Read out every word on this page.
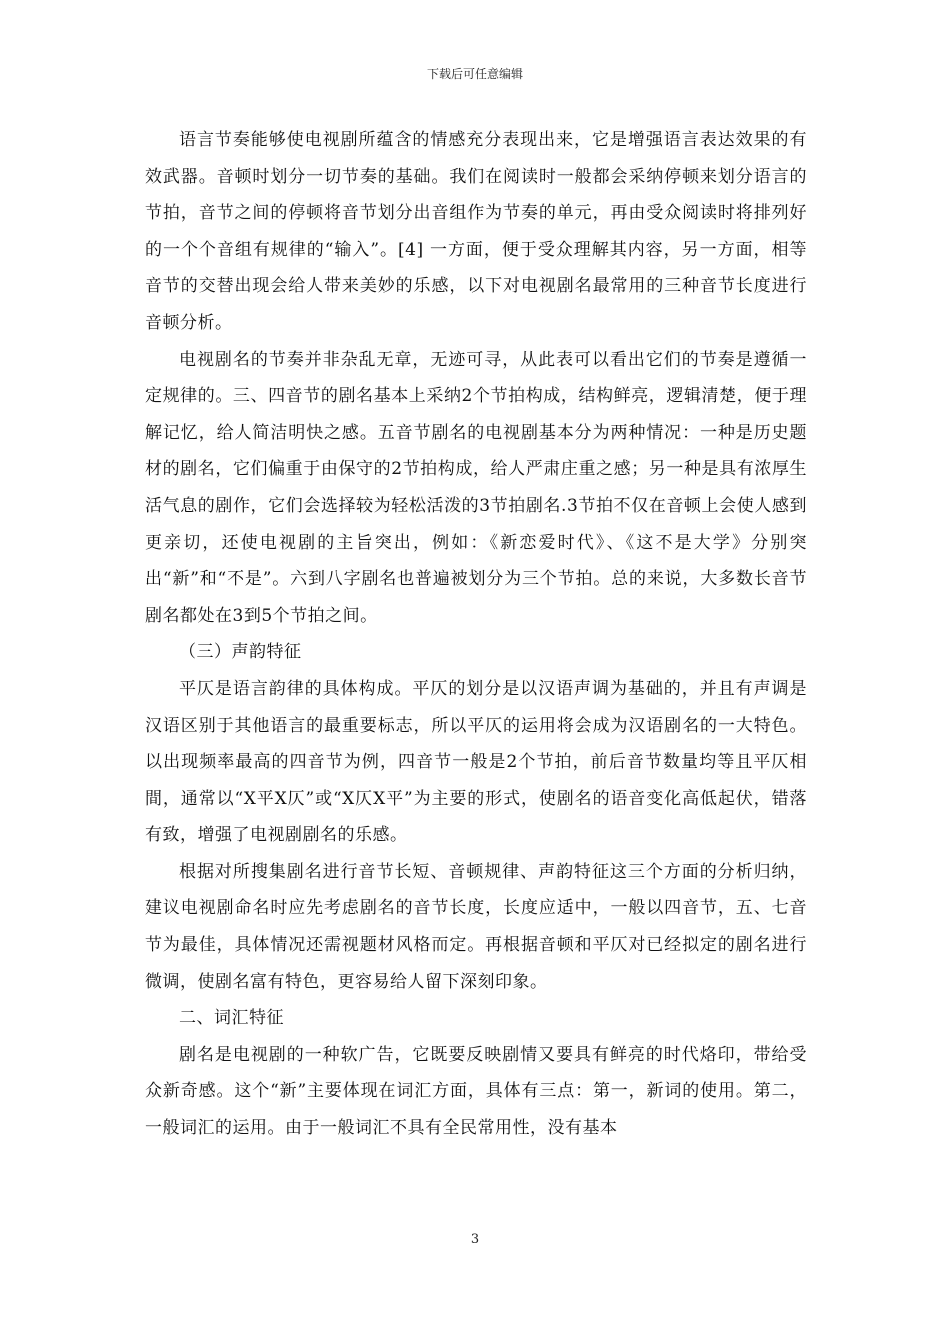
下载后可任意编辑

语言节奏能够使电视剧所蕴含的情感充分表现出来，它是增强语言表达效果的有效武器。音顿时划分一切节奏的基础。我们在阅读时一般都会采纳停顿来划分语言的节拍，音节之间的停顿将音节划分出音组作为节奏的单元，再由受众阅读时将排列好的一个个音组有规律的“输入”。[4] 一方面，便于受众理解其内容，另一方面，相等音节的交替出现会给人带来美妙的乐感，以下对电视剧名最常用的三种音节长度进行音顿分析。

电视剧名的节奏并非杂乱无章，无迹可寻，从此表可以看出它们的节奏是遵循一定规律的。三、四音节的剧名基本上采纳2个节拍构成，结构鲜亮，逻辑清楚，便于理解记忆，给人简洁明快之感。五音节剧名的电视剧基本分为两种情况：一种是历史题材的剧名，它们偏重于由保守的2节拍构成，给人严肃庄重之感；另一种是具有浓厚生活气息的剧作，它们会选择较为轻松活泼的3节拍剧名.3节拍不仅在音顿上会使人感到更亲切，还使电视剧的主旨突出，例如：《新恋爱时代》、《这不是大学》分别突出“新”和“不是”。六到八字剧名也普遍被划分为三个节拍。总的来说，大多数长音节剧名都处在3到5个节拍之间。

（三）声韵特征

平仄是语言韵律的具体构成。平仄的划分是以汉语声调为基础的，并且有声调是汉语区别于其他语言的最重要标志，所以平仄的运用将会成为汉语剧名的一大特色。以出现频率最高的四音节为例，四音节一般是2个节拍，前后音节数量均等且平仄相間，通常以“X平X仄”或“X仄X平”为主要的形式，使剧名的语音变化高低起伏，错落有致，增强了电视剧剧名的乐感。

根据对所搜集剧名进行音节长短、音顿规律、声韵特征这三个方面的分析归纳，建议电视剧命名时应先考虑剧名的音节长度，长度应适中，一般以四音节，五、七音节为最佳，具体情况还需视题材风格而定。再根据音顿和平仄对已经拟定的剧名进行微调，使剧名富有特色，更容易给人留下深刻印象。

二、词汇特征

剧名是电视剧的一种软广告，它既要反映剧情又要具有鲜亮的时代烙印，带给受众新奇感。这个“新”主要体现在词汇方面，具体有三点：第一，新词的使用。第二，一般词汇的运用。由于一般词汇不具有全民常用性，没有基本

3
